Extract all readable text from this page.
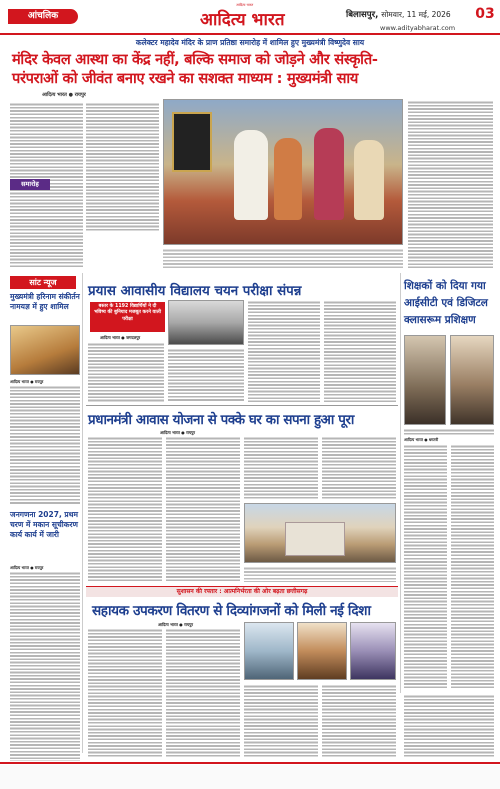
आंचलिक
आदित्य भारत
आदित्य भारत	बिलासपुर, सोमवार, 11 मई, 2026 03
www.adityabharat.com
कलेक्टर महादेव मंदिर के प्राण प्रतिष्ठा समारोह में शामिल हुए मुख्यमंत्री विष्णुदेव साय
मंदिर केवल आस्था का केंद्र नहीं, बल्कि समाज को जोड़ने और संस्कृति-
परंपराओं को जीवंत बनाए रखने का सशक्त माध्यम : मुख्यमंत्री साय
आदित्य भारत ● रायपुर
समारोह
सांट न्यूज
मुख्यमंत्री हरिनाम संकीर्तन नामयज्ञ में हुए शामिल
आदित्य भारत ● रायपुर
जनगणना 2027, प्रथम चरण में मकान सूचीकरण कार्य कार्य में जारी
आदित्य भारत ● रायपुर
प्रयास आवासीय विद्यालय चयन परीक्षा संपन्न
बस्तर के 1192 विद्यार्थियों ने दी भविष्य की बुनियाद मजबूत करने वाली परीक्षा
आदित्य भारत ● जगदलपुर
शिक्षकों को दिया गया
आईसीटी एवं डिजिटल
क्लासरूम प्रशिक्षण
आदित्य भारत ● धमतरी
प्रधानमंत्री आवास योजना से पक्के घर का सपना हुआ पूरा
आदित्य भारत ● रायपुर
सुशासन की रफ्तार : आत्मनिर्भरता की ओर बढ़ता छत्तीसगढ़
सहायक उपकरण वितरण से दिव्यांगजनों को मिली नई दिशा
आदित्य भारत ● रायपुर
